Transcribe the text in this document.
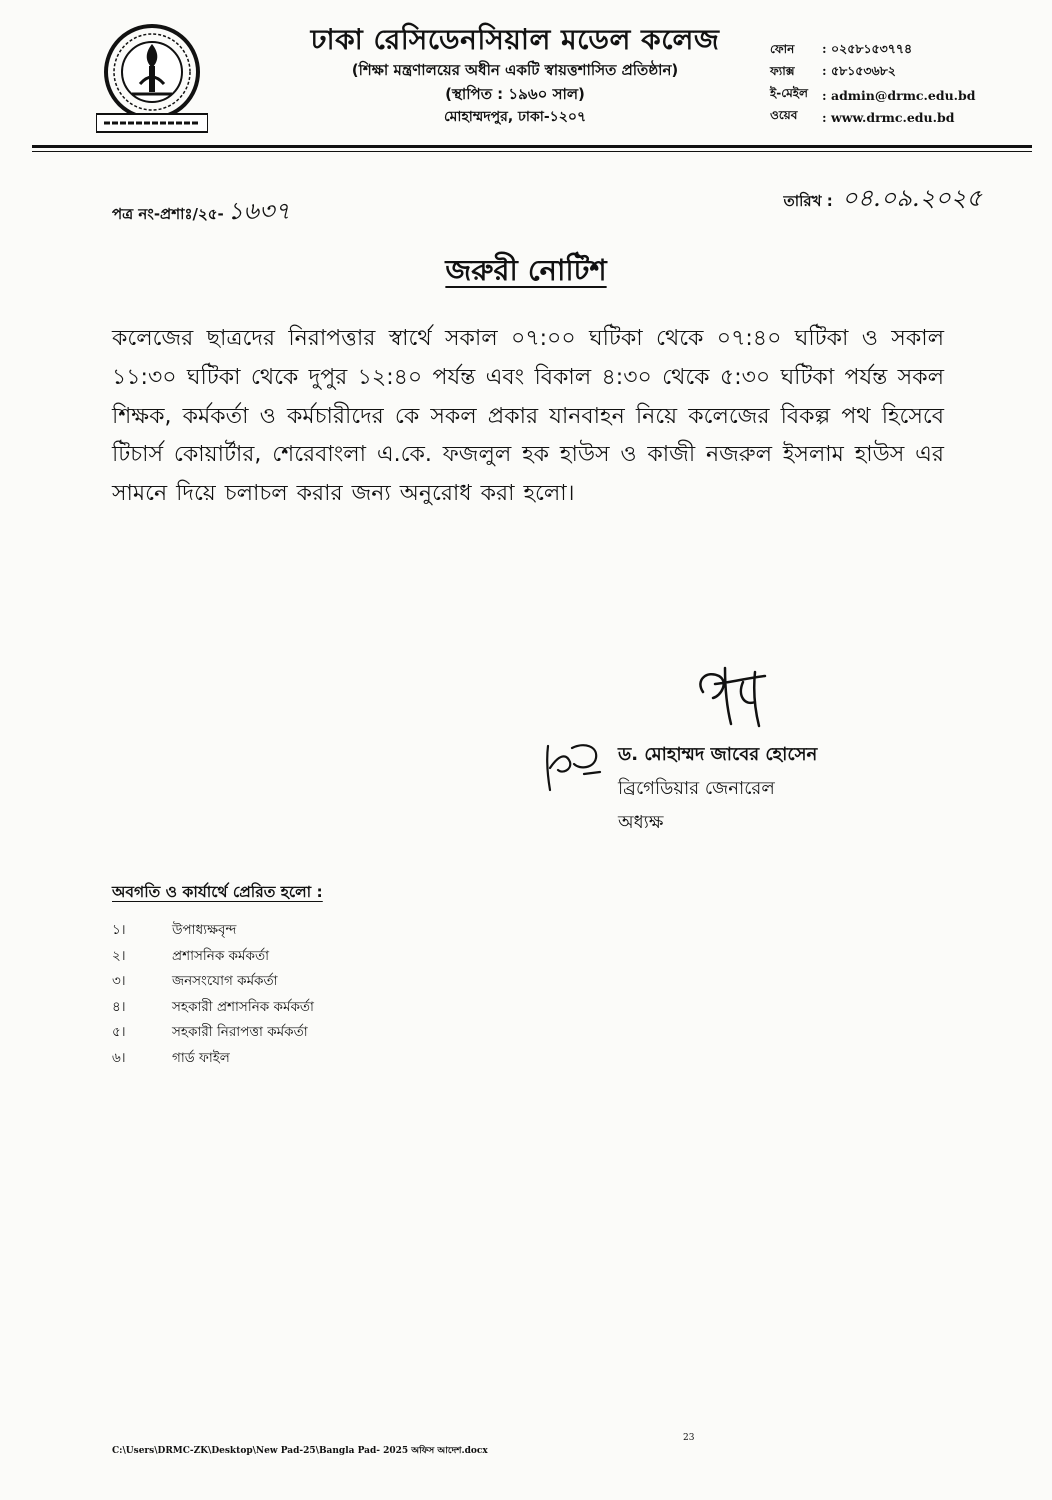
ঢাকা রেসিডেনসিয়াল মডেল কলেজ
(শিক্ষা মন্ত্রণালয়ের অধীন একটি স্বায়ত্তশাসিত প্রতিষ্ঠান)
(স্থাপিত : ১৯৬০ সাল)
মোহাম্মদপুর, ঢাকা-১২০৭
ফোন	: ০২৫৮১৫৩৭৭৪
ফ্যাক্স	: ৫৮১৫৩৬৮২
ই-মেইল	: admin@drmc.edu.bd
ওয়েব	: www.drmc.edu.bd
পত্র নং-প্রশাঃ/২৫- ১৬৩৭	তারিখ : ০৪.০৯.২০২৫
জরুরী নোটিশ
কলেজের ছাত্রদের নিরাপত্তার স্বার্থে সকাল ০৭:০০ ঘটিকা থেকে ০৭:৪০ ঘটিকা ও সকাল ১১:৩০ ঘটিকা থেকে দুপুর ১২:৪০ পর্যন্ত এবং বিকাল ৪:৩০ থেকে ৫:৩০ ঘটিকা পর্যন্ত সকল শিক্ষক, কর্মকর্তা ও কর্মচারীদের কে সকল প্রকার যানবাহন নিয়ে কলেজের বিকল্প পথ হিসেবে টিচার্স কোয়ার্টার, শেরেবাংলা এ.কে. ফজলুল হক হাউস ও কাজী নজরুল ইসলাম হাউস এর সামনে দিয়ে চলাচল করার জন্য অনুরোধ করা হলো।
ড. মোহাম্মদ জাবের হোসেন
ব্রিগেডিয়ার জেনারেল
অধ্যক্ষ
অবগতি ও কার্যার্থে প্রেরিত হলো :
১।	উপাধ্যক্ষবৃন্দ
২।	প্রশাসনিক কর্মকর্তা
৩।	জনসংযোগ কর্মকর্তা
৪।	সহকারী প্রশাসনিক কর্মকর্তা
৫।	সহকারী নিরাপত্তা কর্মকর্তা
৬।	গার্ড ফাইল
23
C:\Users\DRMC-ZK\Desktop\New Pad-25\Bangla Pad- 2025 অফিস আদেশ.docx
